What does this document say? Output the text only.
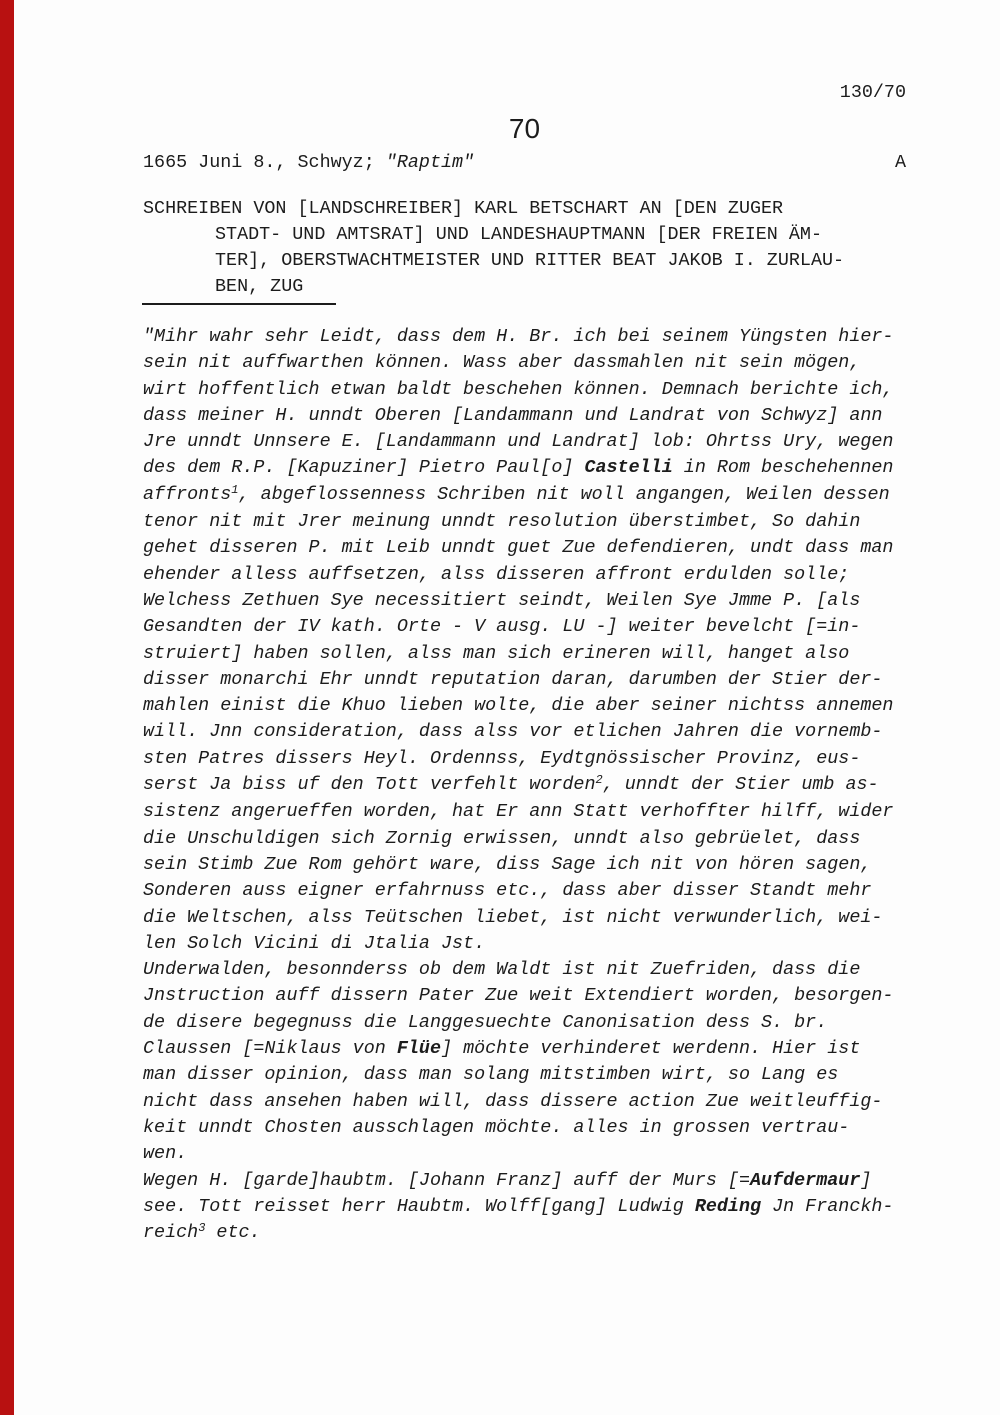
130/70
70
1665 Juni 8., Schwyz; "Raptim"	A
SCHREIBEN VON [LANDSCHREIBER] KARL BETSCHART AN [DEN ZUGER
STADT- UND AMTSRAT] UND LANDESHAUPTMANN [DER FREIEN ÄM-
TER], OBERSTWACHTMEISTER UND RITTER BEAT JAKOB I. ZURLAU-
BEN, ZUG
"Mihr wahr sehr Leidt, dass dem H. Br. ich bei seinem Yüngsten hier-
sein nit auffwarthen können. Wass aber dassmahlen nit sein mögen,
wirt hoffentlich etwan baldt beschehen können. Demnach berichte ich,
dass meiner H. unndt Oberen [Landammann und Landrat von Schwyz] ann
Jre unndt Unnsere E. [Landammann und Landrat] lob: Ohrtss Ury, wegen
des dem R.P. [Kapuziner] Pietro Paul[o] Castelli in Rom beschehennen
affronts$^1$, abgeflossenness Schriben nit woll angangen, Weilen dessen
tenor nit mit Jrer meinung unndt resolution überstimbet, So dahin
gehet disseren P. mit Leib unndt guet Zue defendieren, undt dass man
ehender alless auffsetzen, alss disseren affront erdulden solle;
Welchess Zethuen Sye necessitiert seindt, Weilen Sye Jmme P. [als
Gesandten der IV kath. Orte - V ausg. LU -] weiter bevelcht [=in-
struiert] haben sollen, alss man sich erineren will, hanget also
disser monarchi Ehr unndt reputation daran, darumben der Stier der-
mahlen einist die Khuo lieben wolte, die aber seiner nichtss annemen
will. Jnn consideration, dass alss vor etlichen Jahren die vornemb-
sten Patres dissers Heyl. Ordennss, Eydtgnössischer Provinz, eus-
serst Ja biss uf den Tott verfehlt worden$^2$, unndt der Stier umb as-
sistenz angerueffen worden, hat Er ann Statt verhoffter hilff, wider
die Unschuldigen sich Zornig erwissen, unndt also gebrüelet, dass
sein Stimb Zue Rom gehört ware, diss Sage ich nit von hören sagen,
Sonderen auss eigner erfahrnuss etc., dass aber disser Standt mehr
die Weltschen, alss Teütschen liebet, ist nicht verwunderlich, wei-
len Solch Vicini di Jtalia Jst.
Underwalden, besonnderss ob dem Waldt ist nit Zuefriden, dass die
Jnstruction auff dissern Pater Zue weit Extendiert worden, besorgen-
de disere begegnuss die Langgesuechte Canonisation dess S. br.
Claussen [=Niklaus von Flüe] möchte verhinderet werdenn. Hier ist
man disser opinion, dass man solang mitstimben wirt, so Lang es
nicht dass ansehen haben will, dass dissere action Zue weitleuffig-
keit unndt Chosten ausschlagen möchte. alles in grossen vertrau-
wen.
Wegen H. [garde]haubtm. [Johann Franz] auff der Murs [=Aufdermaur]
see. Tott reisset herr Haubtm. Wolff[gang] Ludwig Reding Jn Franckh-
reich$^3$ etc.
